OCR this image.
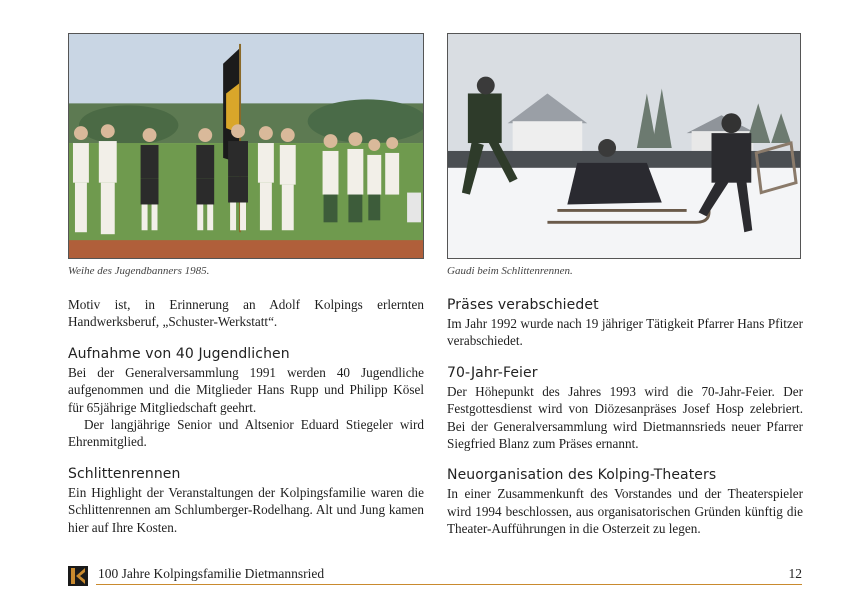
Weihe des Jugendbanners 1985.	Gaudi beim Schlittenrennen.

Motiv ist, in Erinnerung an Adolf Kolpings erlernten Handwerksberuf, „Schuster-Werkstatt“.

Aufnahme von 40 Jugendlichen

Bei der Generalversammlung 1991 werden 40 Jugendliche aufgenommen und die Mitglieder Hans Rupp und Philipp Kösel für 65jährige Mitgliedschaft geehrt.

Der langjährige Senior und Altsenior Eduard Stiegeler wird Ehrenmitglied.

Schlittenrennen

Ein Highlight der Veranstaltungen der Kolpingsfamilie waren die Schlittenrennen am Schlumberger-Rodelhang. Alt und Jung kamen hier auf Ihre Kosten.

Präses verabschiedet

Im Jahr 1992 wurde nach 19 jähriger Tätigkeit Pfarrer Hans Pfitzer verabschiedet.

70-Jahr-Feier

Der Höhepunkt des Jahres 1993 wird die 70-Jahr-Feier. Der Festgottesdienst wird von Diözesanpräses Josef Hosp zelebriert. Bei der Generalversammlung wird Dietmannsrieds neuer Pfarrer Siegfried Blanz zum Präses ernannt.

Neuorganisation des Kolping-Theaters

In einer Zusammenkunft des Vorstandes und der Theaterspieler wird 1994 beschlossen, aus organisatorischen Gründen künftig die Theater-Aufführungen in die Osterzeit zu legen.

100 Jahre Kolpingsfamilie Dietmannsried	12
